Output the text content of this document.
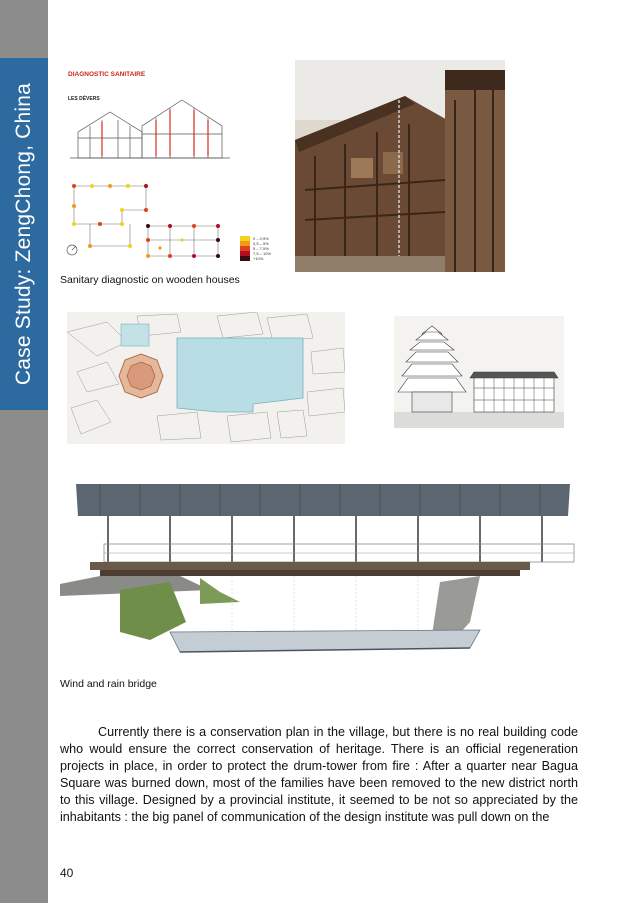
Case Study: ZengChong, China
DIAGNOSTIC SANITAIRE
LES DÉVERS
0 – 0,5%
0,5 – 5%
5 – 7,5%
7,5 – 10%
+10%
Sanitary diagnostic on wooden houses
Wind and rain bridge
Currently there is a conservation plan in the village, but there is no real building code who would ensure the correct conservation of heritage. There is an official regeneration projects in place, in order to protect the drum-tower from fire : After a quarter near Bagua Square was burned down, most of the families have been removed to the new district north to this village. Designed by a provincial institute, it seemed to be not so appreciated by the inhabitants : the big panel of communication of the design institute was pull down on the
40
